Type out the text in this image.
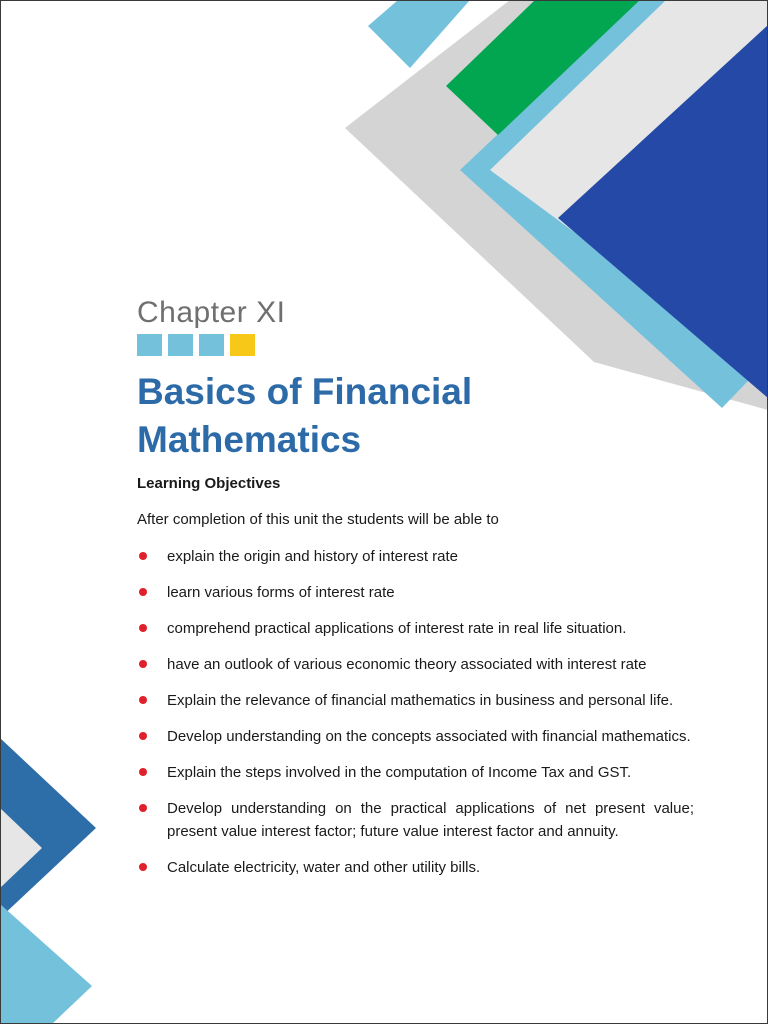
Chapter XI
Basics of Financial Mathematics
Learning Objectives
After completion of this unit the students will be able to
explain the origin and history of interest rate
learn various forms of interest rate
comprehend practical applications of interest rate in real life situation.
have an outlook of various economic theory associated with interest rate
Explain the relevance of financial mathematics in business and personal life.
Develop understanding on the concepts associated with financial mathematics.
Explain the steps involved in the computation of Income Tax and GST.
Develop understanding on the practical applications of net present value; present value interest factor; future value interest factor and annuity.
Calculate electricity, water and other utility bills.
